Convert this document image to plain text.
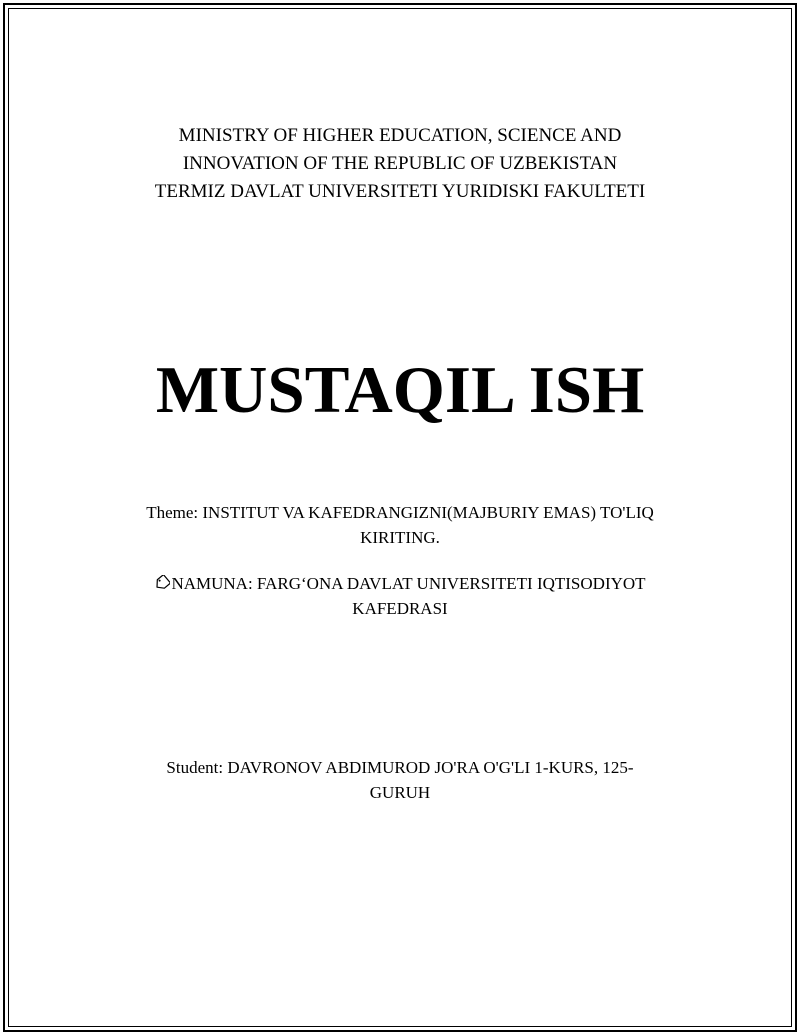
MINISTRY OF HIGHER EDUCATION, SCIENCE AND
INNOVATION OF THE REPUBLIC OF UZBEKISTAN
TERMIZ DAVLAT UNIVERSITETI YURIDISKI FAKULTETI
MUSTAQIL ISH
Theme: INSTITUT VA KAFEDRANGIZNI(MAJBURIY EMAS) TO'LIQ
KIRITING.
NAMUNA: FARG‘ONA DAVLAT UNIVERSITETI IQTISODIYOT
KAFEDRASI
Student: DAVRONOV ABDIMUROD JO'RA O'G'LI 1-KURS, 125-
GURUH
